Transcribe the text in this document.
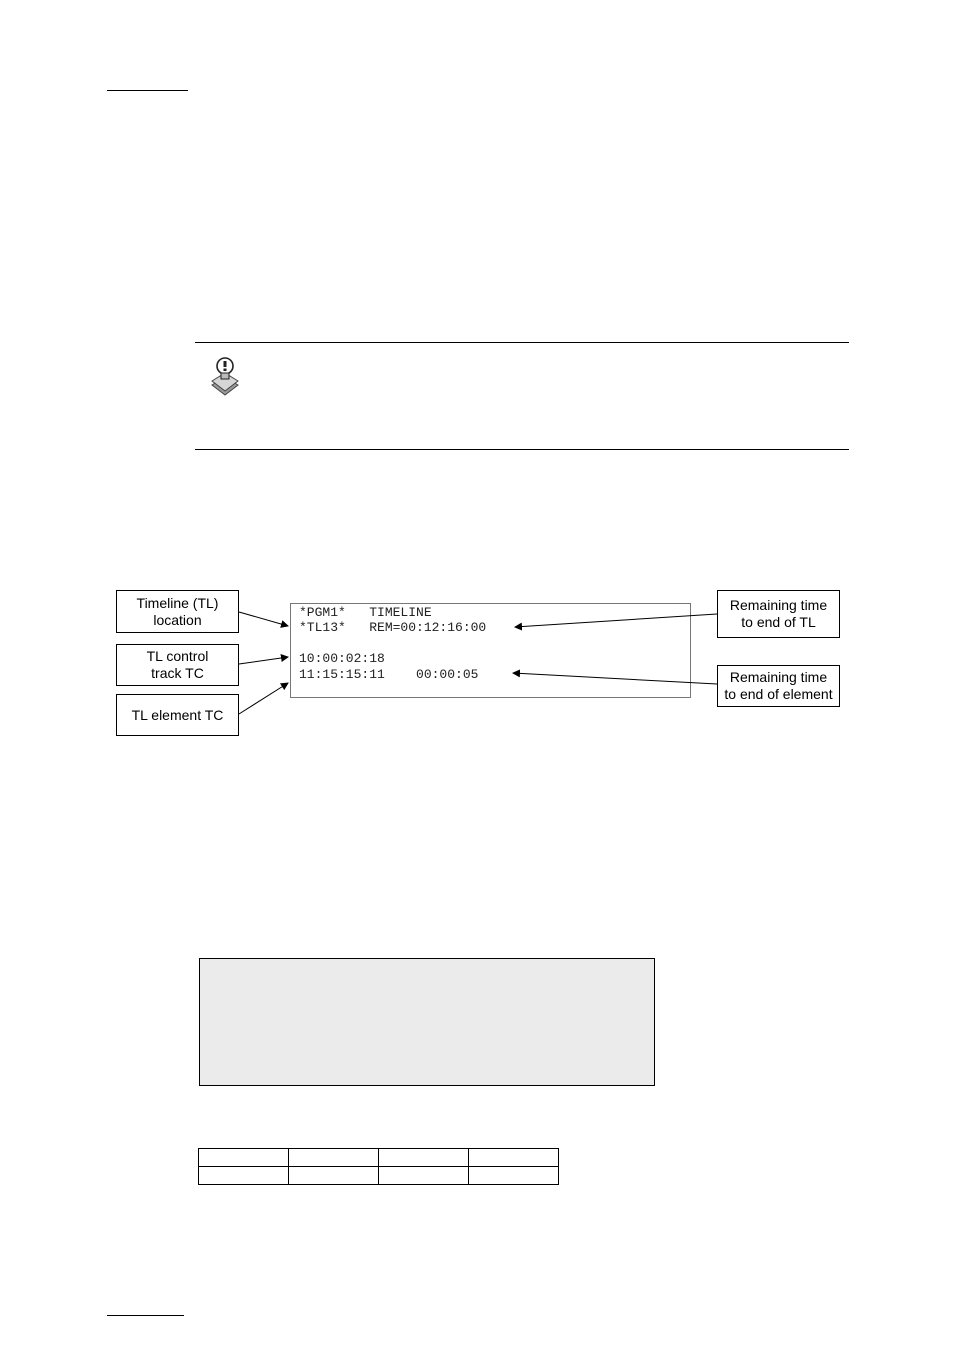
*PGM1*   TIMELINE
*TL13*   REM=00:12:16:00
10:00:02:18
11:15:15:11    00:00:05
Timeline (TL)
location
TL control
track TC
TL element TC
Remaining time
to end of TL
Remaining time
to end of element
